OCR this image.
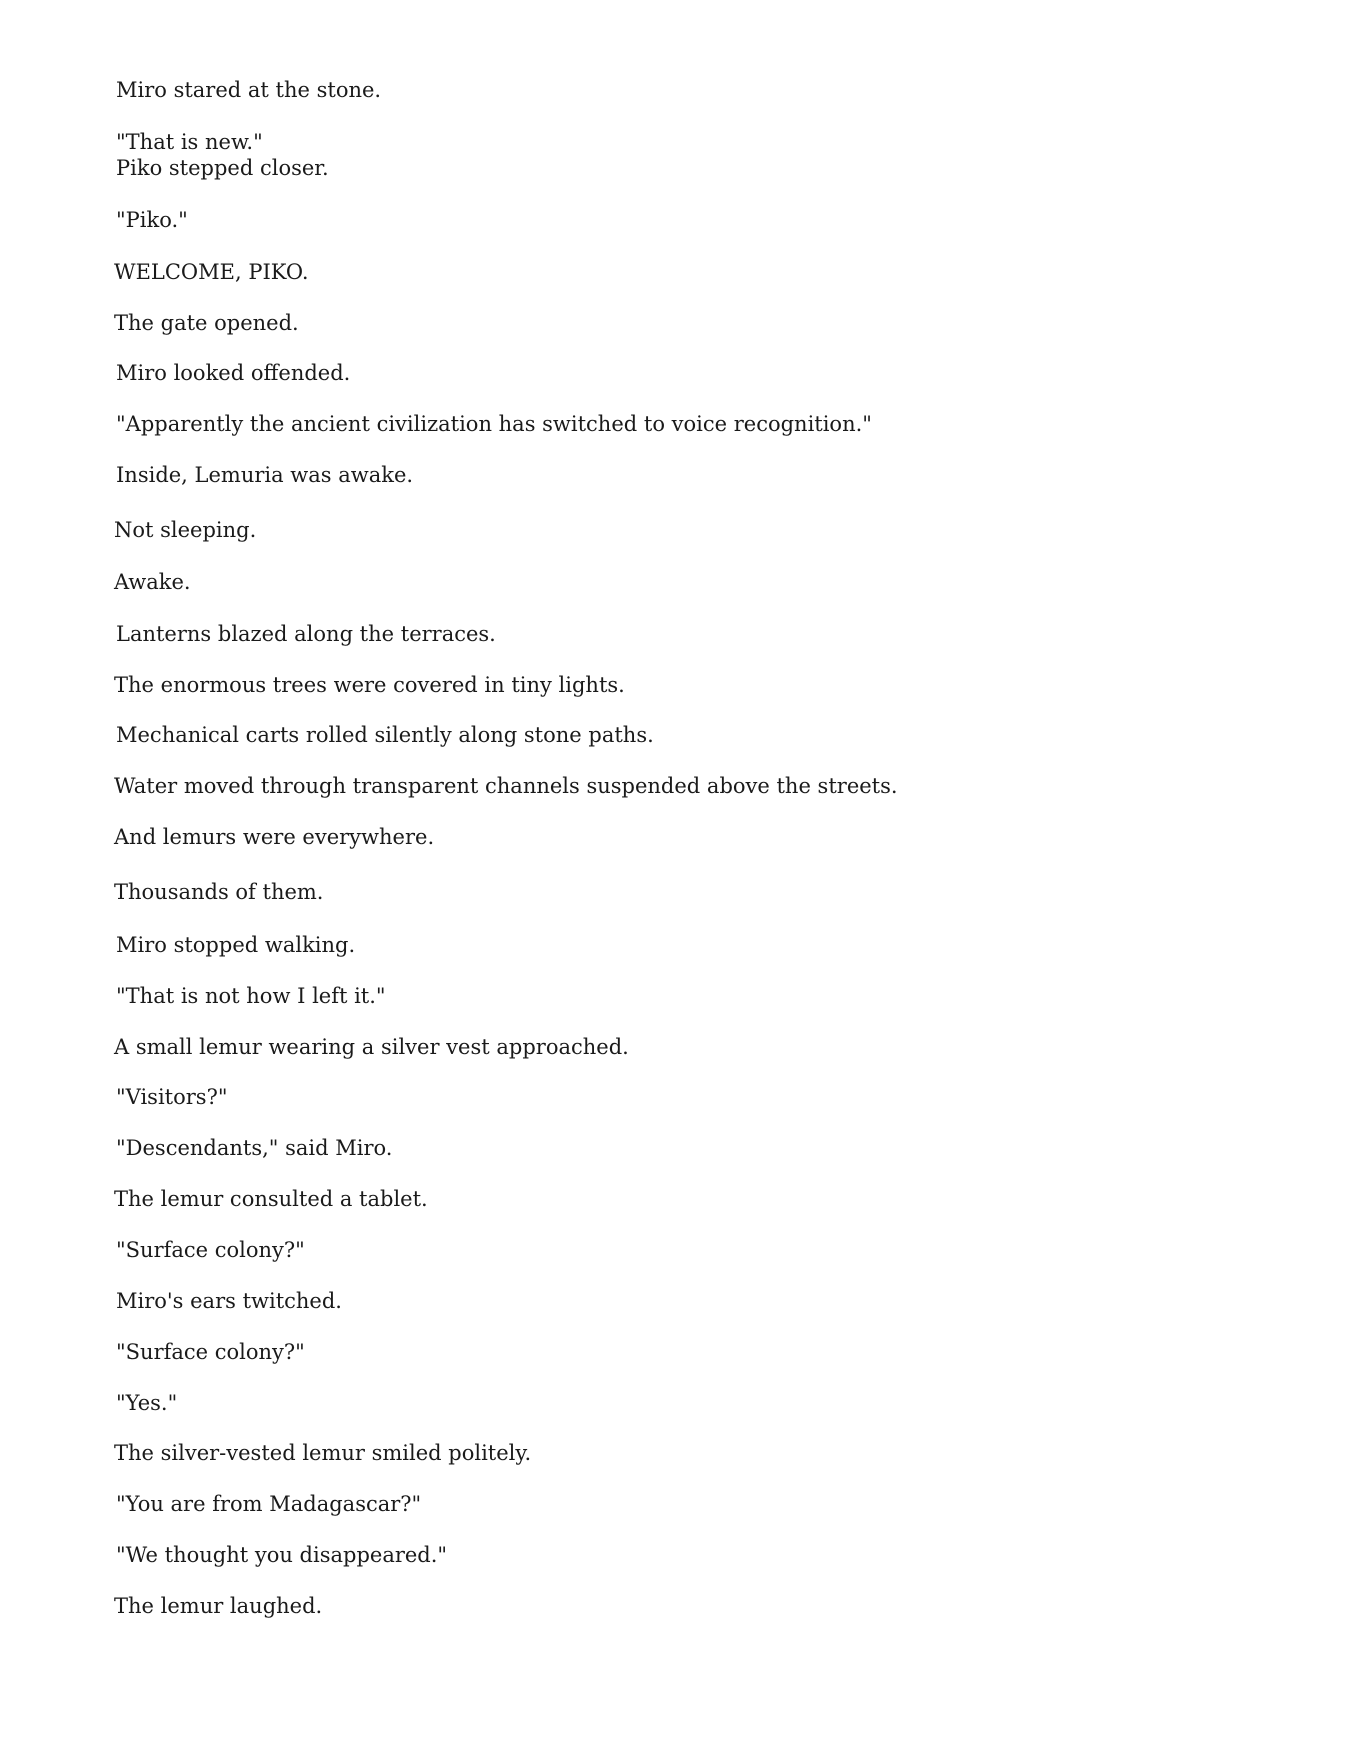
Miro stared at the stone.

"That is new."

Piko stepped closer.

"Piko."

WELCOME, PIKO.

The gate opened.

Miro looked offended.

"Apparently the ancient civilization has switched to voice recognition."

Inside, Lemuria was awake.

Not sleeping.

Awake.

Lanterns blazed along the terraces.

The enormous trees were covered in tiny lights.

Mechanical carts rolled silently along stone paths.

Water moved through transparent channels suspended above the streets.

And lemurs were everywhere.

Thousands of them.

Miro stopped walking.

"That is not how I left it."

A small lemur wearing a silver vest approached.

"Visitors?"

"Descendants," said Miro.

The lemur consulted a tablet.

"Surface colony?"

Miro's ears twitched.

"Surface colony?"

"Yes."

The silver-vested lemur smiled politely.

"You are from Madagascar?"

"We thought you disappeared."

The lemur laughed.
